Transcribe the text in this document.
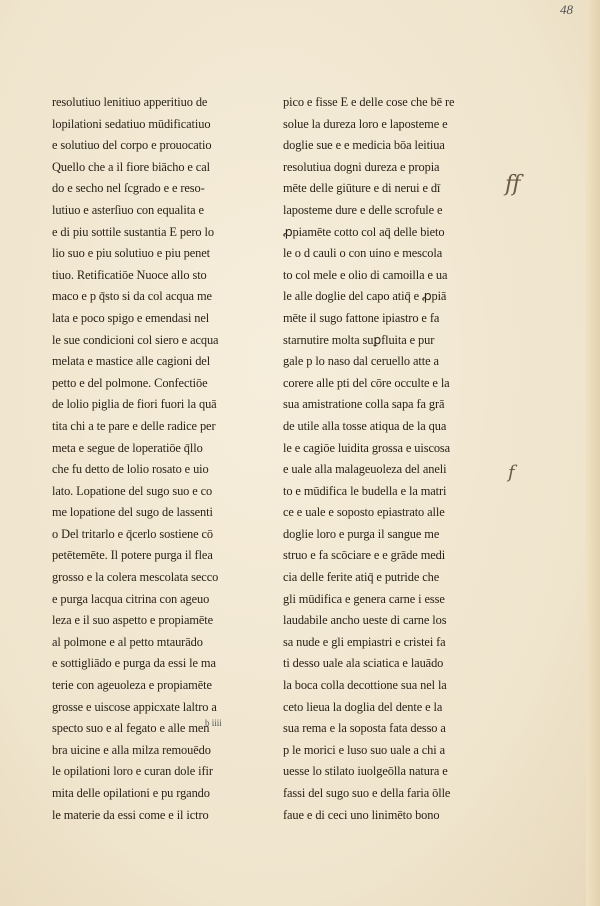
48
resolutiuo lenitiuo apperitiuo de
lopilationi sedatiuo mūdificatiuo
e solutiuo del corpo e prouocatio
Quello che a il fiore biācho e cal
do e secho nel ſcgrado e e reso-
lutiuo e asterſiuo con equalita e
e di piu sottile sustantia E pero lo
lio suo e piu solutiuo e piu penet
tiuo. Retificatiōe Nuoce allo sto
maco e p q̄sto si da col acqua me
lata e poco spigo e emendasi nel
le sue condicioni col siero e acqua
melata e mastice alle cagioni del
petto e del polmone. Confectiōe
de lolio piglia de fiori fuori la quā
tita chi a te pare e delle radice per
meta e segue de loperatiōe q̄llo
che fu detto de lolio rosato e uio
lato. Lopatione del sugo suo e co
me lopatione del sugo de lassenti
o Del tritarlo e q̄cerlo sostiene cō
petētemēte. Il potere purga il flea
grosso e la colera mescolata secco
e purga lacqua citrina con ageuo
leza e il suo aspetto e propiamēte
al polmone e al petto mtaurādo
e sottigliādo e purga da essi le ma
terie con ageuoleza e propiamēte
grosse e uiscose appicxate laltro a
specto suo e al fegato e alle men
bra uicine e alla milza remouēdo
le opilationi loro e curan dole ifir
mita delle opilationi e pu rgando
le materie da essi come e il ictro
pico e fisse E e delle cose che bē re
solue la dureza loro e laposteme e
doglie sue e e medicia bōa leitiua
resolutiua dogni dureza e propia
mēte delle giūture e di nerui e dī
laposteme dure e delle scrofule e
ꝓpiamēte cotto col aq̄ delle bieto
le o d cauli o con uino e mescola
to col mele e olio di camoilla e ua
le alle doglie del capo atiq̄ e ꝓpiā
mēte il sugo fattone ipiastro e fa
starnutire molta suꝑfluita e pur
gale p lo naso dal ceruello atte a
corere alle pti del cōre occulte e la
sua amistratione colla sapa fa grā
de utile alla tosse atiqua de la qua
le e cagiōe luidita grossa e uiscosa
e uale alla malageuoleza del aneli
to e mūdifica le budella e la matri
ce e uale e soposto epiastrato alle
doglie loro e purga il sangue me
struo e fa scōciare e e grāde medi
cia delle ferite atiq̄ e putride che
gli mūdifica e genera carne i esse
laudabile ancho ueste di carne los
sa nude e gli empiastri e cristei fa
ti desso uale ala sciatica e lauādo
la boca colla decottione sua nel la
ceto lieua la doglia del dente e la
sua rema e la soposta fata desso a
p le morici e luso suo uale a chi a
uesse lo stilato iuolgeōlla natura e
fassi del sugo suo e della faria ōlle
faue e di ceci uno linimēto bono
ff
f
b iiii
